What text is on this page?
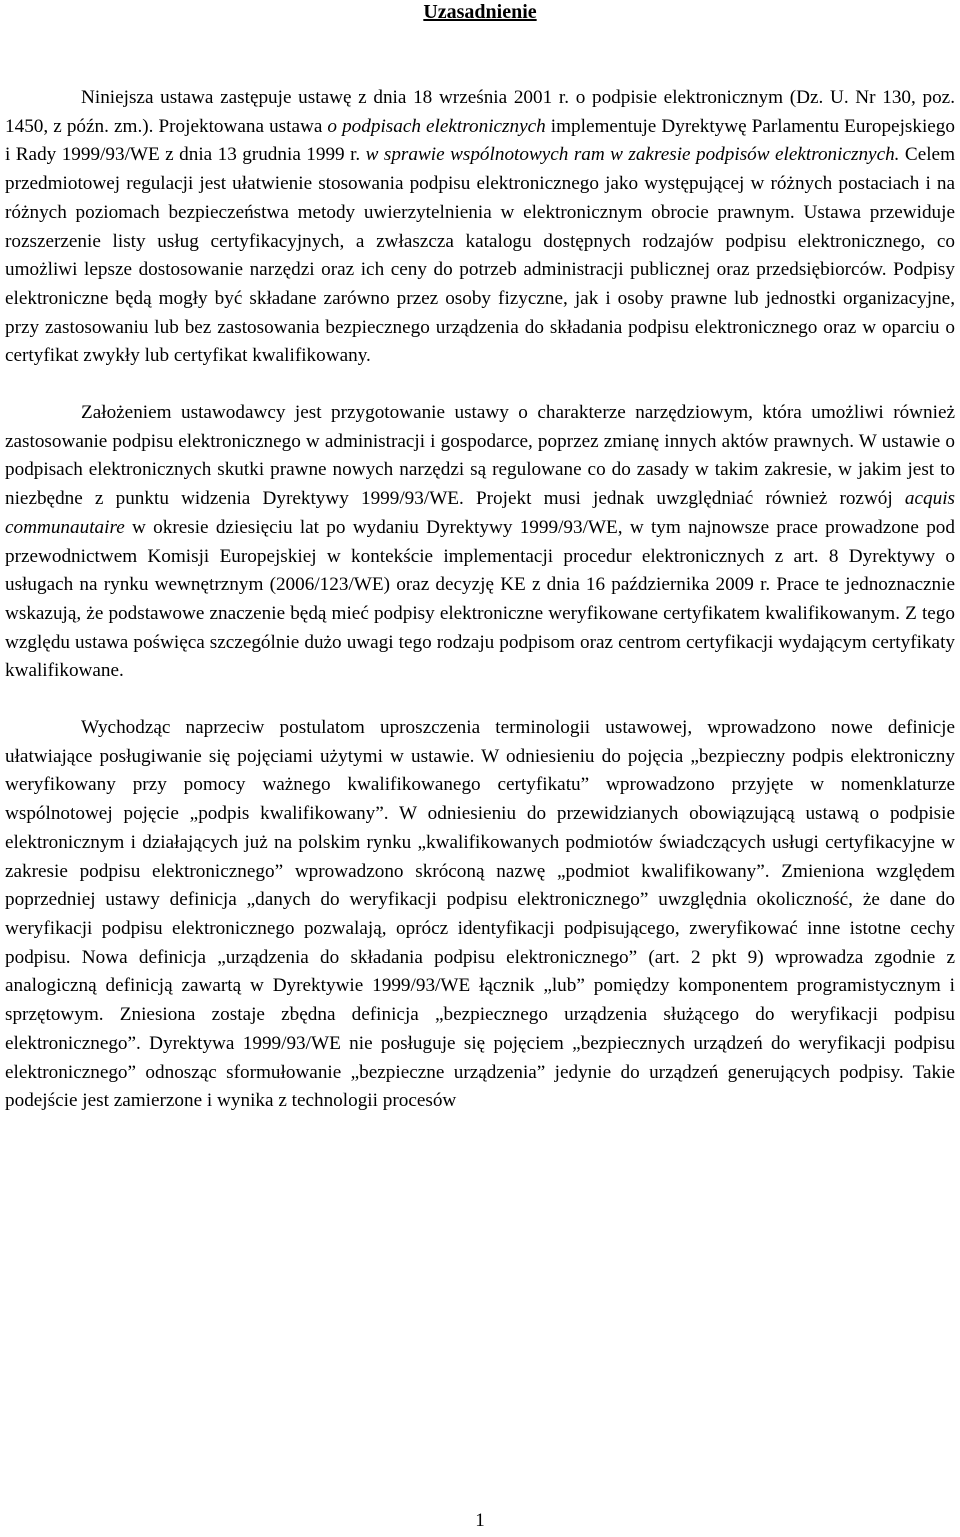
Uzasadnienie

Niniejsza ustawa zastępuje ustawę z dnia 18 września 2001 r. o podpisie elektronicznym (Dz. U. Nr 130, poz. 1450, z późn. zm.). Projektowana ustawa o podpisach elektronicznych implementuje Dyrektywę Parlamentu Europejskiego i Rady 1999/93/WE z dnia 13 grudnia 1999 r. w sprawie wspólnotowych ram w zakresie podpisów elektronicznych. Celem przedmiotowej regulacji jest ułatwienie stosowania podpisu elektronicznego jako występującej w różnych postaciach i na różnych poziomach bezpieczeństwa metody uwierzytelnienia w elektronicznym obrocie prawnym. Ustawa przewiduje rozszerzenie listy usług certyfikacyjnych, a zwłaszcza katalogu dostępnych rodzajów podpisu elektronicznego, co umożliwi lepsze dostosowanie narzędzi oraz ich ceny do potrzeb administracji publicznej oraz przedsiębiorców. Podpisy elektroniczne będą mogły być składane zarówno przez osoby fizyczne, jak i osoby prawne lub jednostki organizacyjne, przy zastosowaniu lub bez zastosowania bezpiecznego urządzenia do składania podpisu elektronicznego oraz w oparciu o certyfikat zwykły lub certyfikat kwalifikowany.

Założeniem ustawodawcy jest przygotowanie ustawy o charakterze narzędziowym, która umożliwi również zastosowanie podpisu elektronicznego w administracji i gospodarce, poprzez zmianę innych aktów prawnych. W ustawie o podpisach elektronicznych skutki prawne nowych narzędzi są regulowane co do zasady w takim zakresie, w jakim jest to niezbędne z punktu widzenia Dyrektywy 1999/93/WE. Projekt musi jednak uwzględniać również rozwój acquis communautaire w okresie dziesięciu lat po wydaniu Dyrektywy 1999/93/WE, w tym najnowsze prace prowadzone pod przewodnictwem Komisji Europejskiej w kontekście implementacji procedur elektronicznych z art. 8 Dyrektywy o usługach na rynku wewnętrznym (2006/123/WE) oraz decyzję KE z dnia 16 października 2009 r. Prace te jednoznacznie wskazują, że podstawowe znaczenie będą mieć podpisy elektroniczne weryfikowane certyfikatem kwalifikowanym. Z tego względu ustawa poświęca szczególnie dużo uwagi tego rodzaju podpisom oraz centrom certyfikacji wydającym certyfikaty kwalifikowane.

Wychodząc naprzeciw postulatom uproszczenia terminologii ustawowej, wprowadzono nowe definicje ułatwiające posługiwanie się pojęciami użytymi w ustawie. W odniesieniu do pojęcia „bezpieczny podpis elektroniczny weryfikowany przy pomocy ważnego kwalifikowanego certyfikatu” wprowadzono przyjęte w nomenklaturze wspólnotowej pojęcie „podpis kwalifikowany”. W odniesieniu do przewidzianych obowiązującą ustawą o podpisie elektronicznym i działających już na polskim rynku „kwalifikowanych podmiotów świadczących usługi certyfikacyjne w zakresie podpisu elektronicznego” wprowadzono skróconą nazwę „podmiot kwalifikowany”. Zmieniona względem poprzedniej ustawy definicja „danych do weryfikacji podpisu elektronicznego” uwzględnia okoliczność, że dane do weryfikacji podpisu elektronicznego pozwalają, oprócz identyfikacji podpisującego, zweryfikować inne istotne cechy podpisu. Nowa definicja „urządzenia do składania podpisu elektronicznego” (art. 2 pkt 9) wprowadza zgodnie z analogiczną definicją zawartą w Dyrektywie 1999/93/WE łącznik „lub” pomiędzy komponentem programistycznym i sprzętowym. Zniesiona zostaje zbędna definicja „bezpiecznego urządzenia służącego do weryfikacji podpisu elektronicznego”. Dyrektywa 1999/93/WE nie posługuje się pojęciem „bezpiecznych urządzeń do weryfikacji podpisu elektronicznego” odnosząc sformułowanie „bezpieczne urządzenia” jedynie do urządzeń generujących podpisy. Takie podejście jest zamierzone i wynika z technologii procesów

1
